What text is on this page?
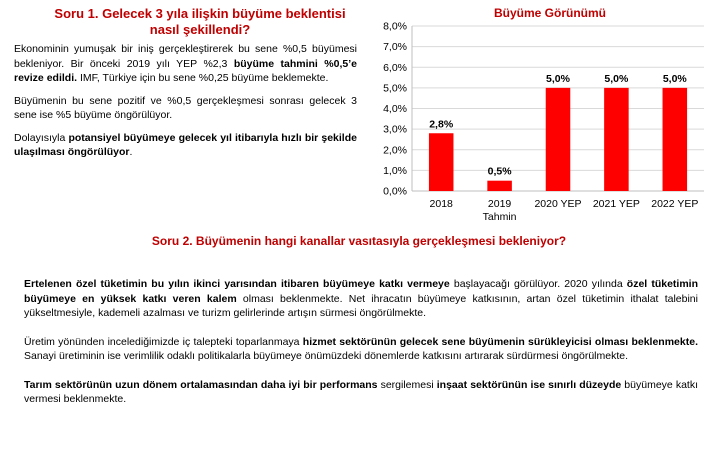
Soru 1. Gelecek 3 yıla ilişkin büyüme beklentisi nasıl şekillendi?

Ekonominin yumuşak bir iniş gerçekleştirerek bu sene %0,5 büyümesi bekleniyor. Bir önceki 2019 yılı YEP %2,3 büyüme tahmini %0,5’e revize edildi. IMF, Türkiye için bu sene %0,25 büyüme beklemekte.

Büyümenin bu sene pozitif ve %0,5 gerçekleşmesi sonrası gelecek 3 sene ise %5 büyüme öngörülüyor.

Dolayısıyla potansiyel büyümeye gelecek yıl itibarıyla hızlı bir şekilde ulaşılması öngörülüyor.

Büyüme Görünümü
0,0%
1,0%
2,0%
3,0%
4,0%
5,0%
6,0%
7,0%
8,0%
2,8%
2018
0,5%
2019
Tahmin
5,0%
2020 YEP
5,0%
2021 YEP
5,0%
2022 YEP
Soru 2. Büyümenin hangi kanallar vasıtasıyla gerçekleşmesi bekleniyor?

Ertelenen özel tüketimin bu yılın ikinci yarısından itibaren büyümeye katkı vermeye başlayacağı görülüyor. 2020 yılında özel tüketimin büyümeye en yüksek katkı veren kalem olması beklenmekte. Net ihracatın büyümeye katkısının, artan özel tüketimin ithalat talebini yükseltmesiyle, kademeli azalması ve turizm gelirlerinde artışın sürmesi öngörülmekte.

Üretim yönünden incelediğimizde iç talepteki toparlanmaya hizmet sektörünün gelecek sene büyümenin sürükleyicisi olması beklenmekte. Sanayi üretiminin ise verimlilik odaklı politikalarla büyümeye önümüzdeki dönemlerde katkısını artırarak sürdürmesi öngörülmekte.

Tarım sektörünün uzun dönem ortalamasından daha iyi bir performans sergilemesi inşaat sektörünün ise sınırlı düzeyde büyümeye katkı vermesi beklenmekte.
